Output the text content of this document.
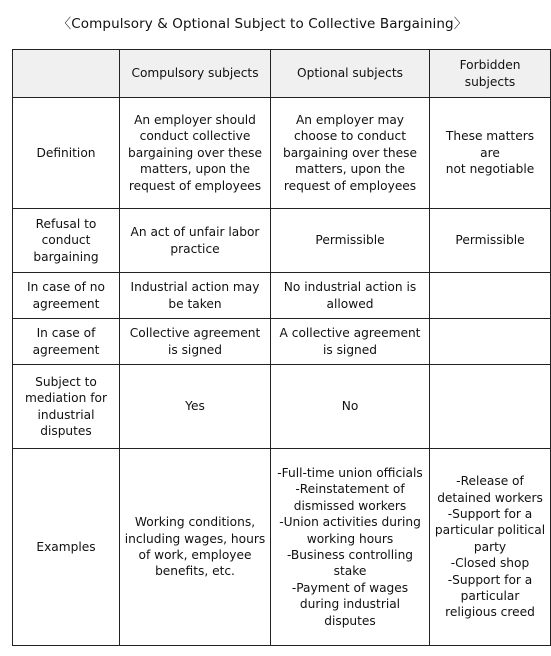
〈Compulsory & Optional Subject to Collective Bargaining〉
	Compulsory subjects	Optional subjects	Forbidden
subjects
Definition	An employer should conduct collective bargaining over these matters, upon the request of employees	An employer may choose to conduct bargaining over these matters, upon the request of employees	These matters
are
not negotiable
Refusal to conduct bargaining	An act of unfair labor practice	Permissible	Permissible
In case of no agreement	Industrial action may be taken	No industrial action is allowed	
In case of agreement	Collective agreement is signed	A collective agreement is signed	
Subject to mediation for industrial disputes	Yes	No	
Examples	Working conditions, including wages, hours of work, employee benefits, etc.	-Full-time union officials
-Reinstatement of dismissed workers
-Union activities during working hours
-Business controlling stake
-Payment of wages during industrial disputes	-Release of detained workers
-Support for a particular political party
-Closed shop
-Support for a particular religious creed
